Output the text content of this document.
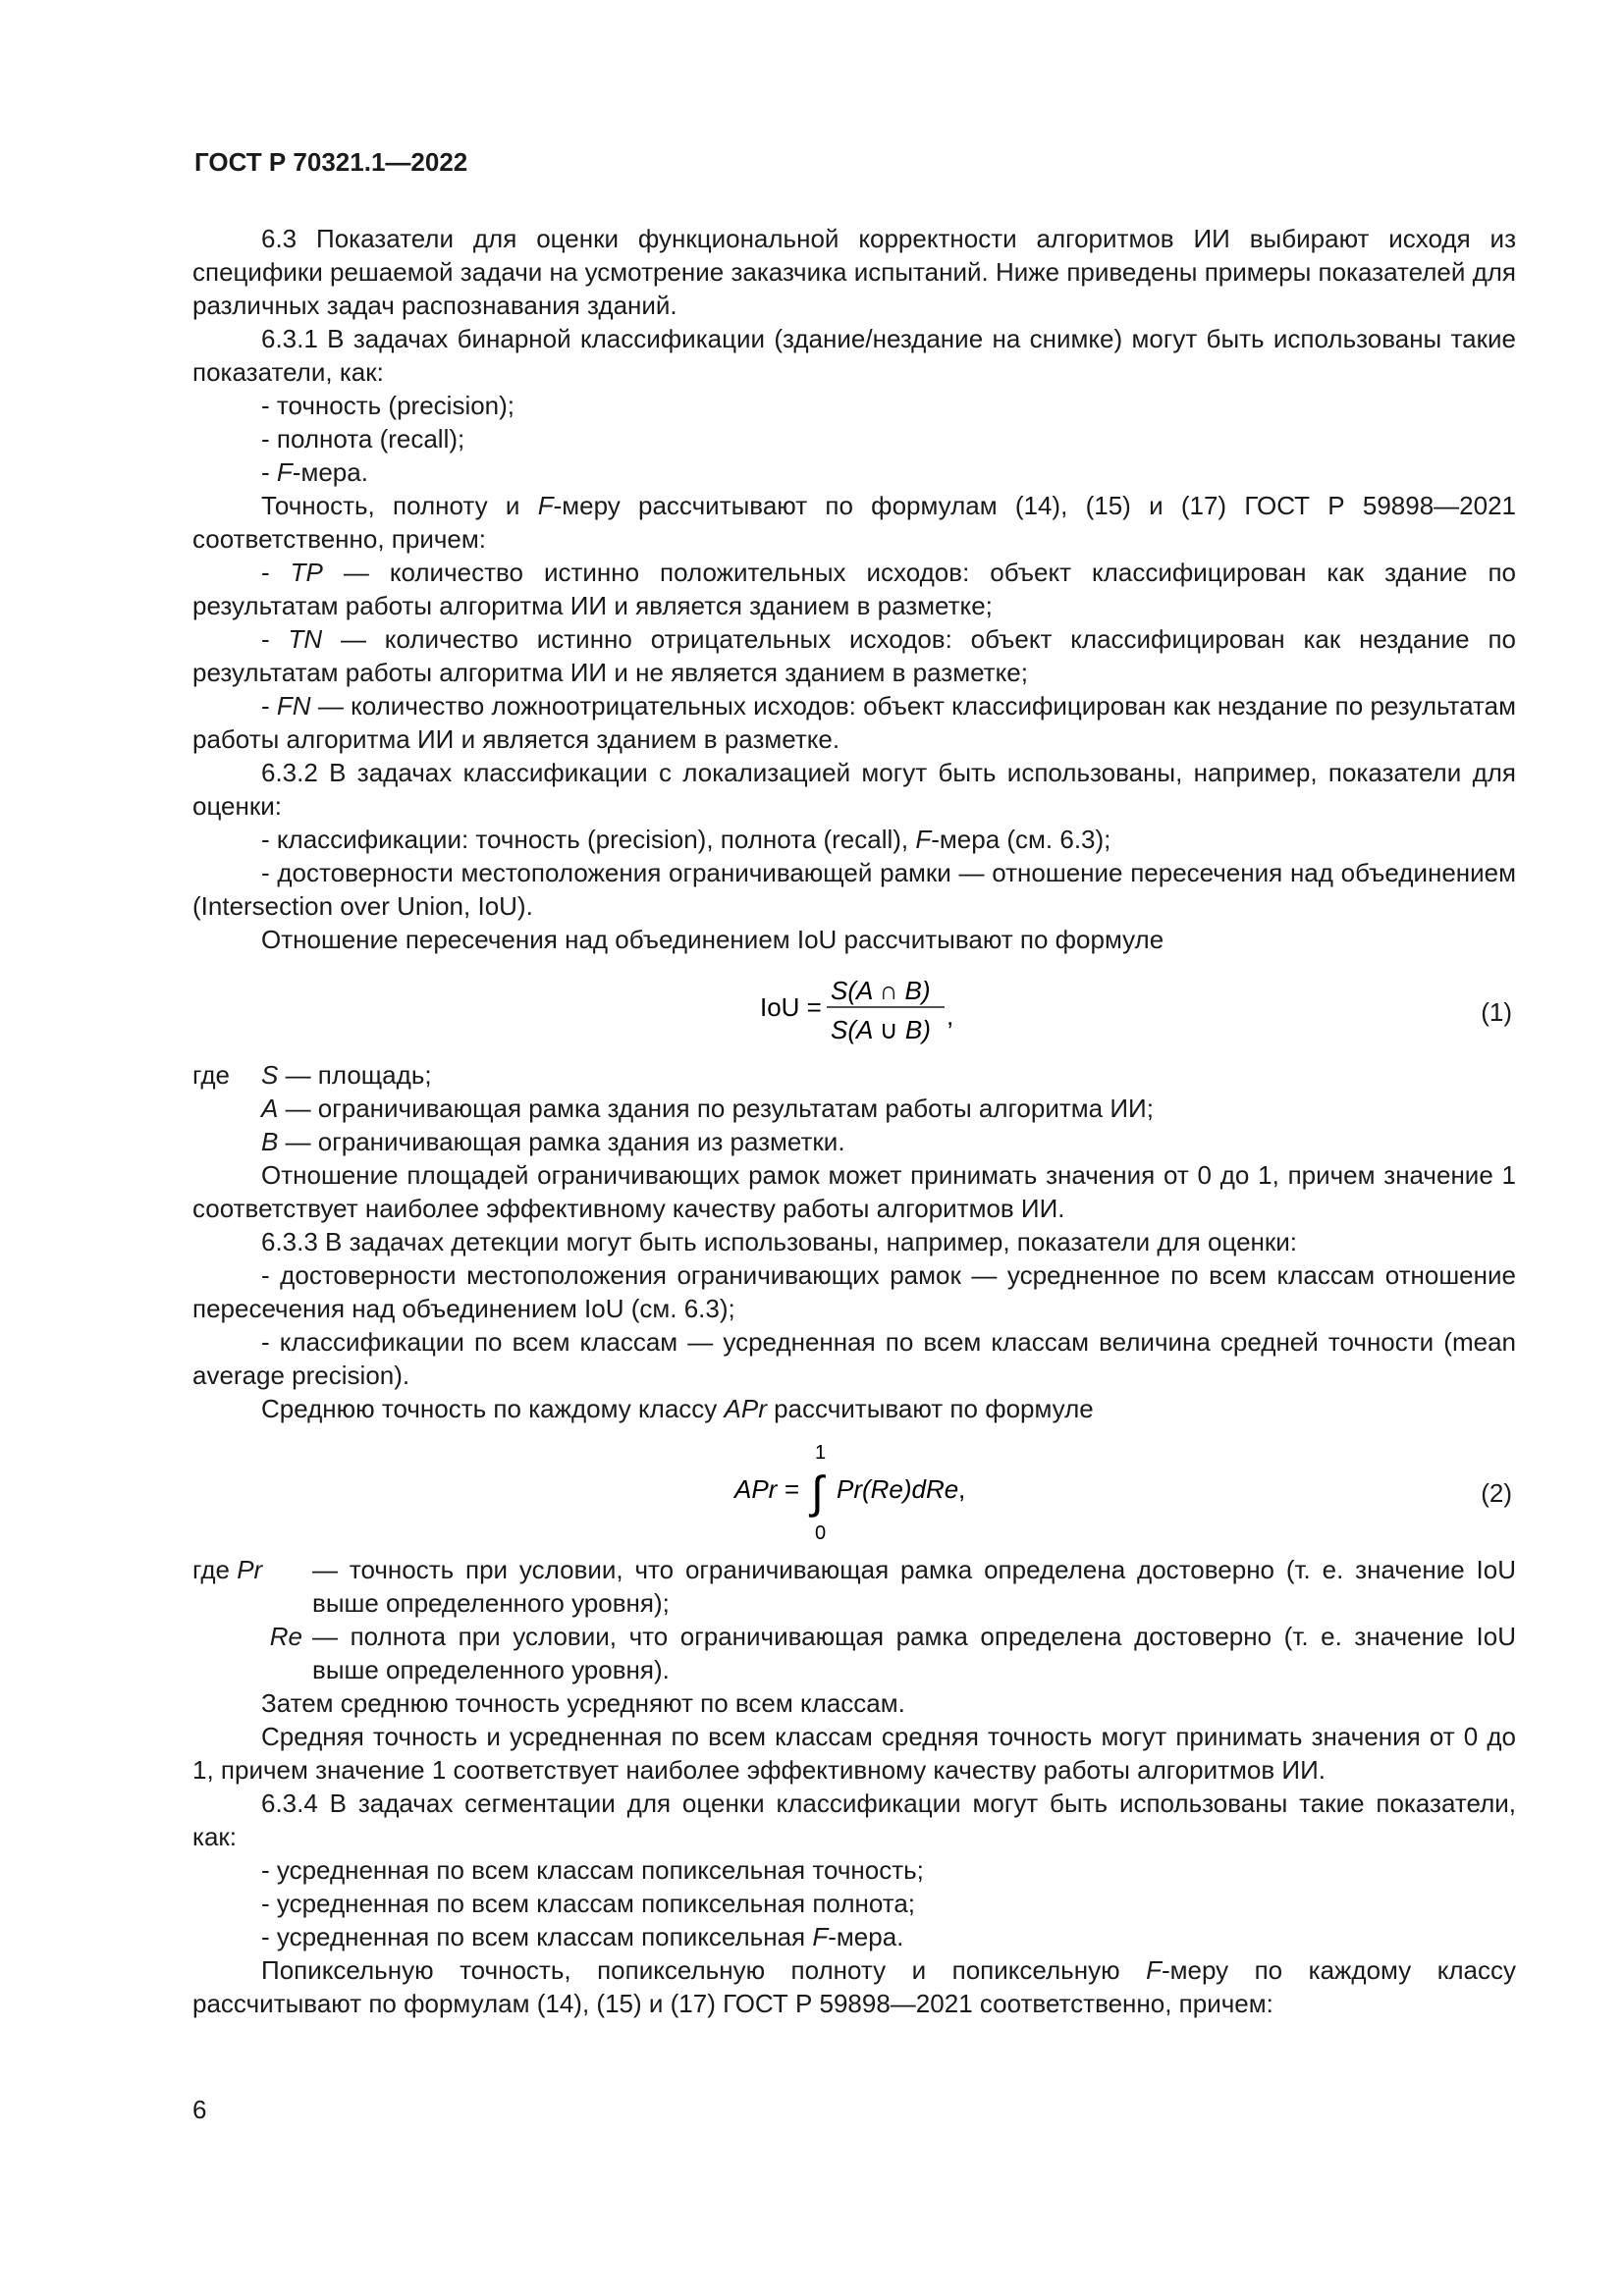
ГОСТ Р 70321.1—2022

6.3 Показатели для оценки функциональной корректности алгоритмов ИИ выбирают исходя из специфики решаемой задачи на усмотрение заказчика испытаний. Ниже приведены примеры показателей для различных задач распознавания зданий.

6.3.1 В задачах бинарной классификации (здание/нездание на снимке) могут быть использованы такие показатели, как:

- точность (precision);

- полнота (recall);

- F-мера.

Точность, полноту и F-меру рассчитывают по формулам (14), (15) и (17) ГОСТ Р 59898—2021 соответственно, причем:

- TP — количество истинно положительных исходов: объект классифицирован как здание по результатам работы алгоритма ИИ и является зданием в разметке;

- TN — количество истинно отрицательных исходов: объект классифицирован как нездание по результатам работы алгоритма ИИ и не является зданием в разметке;

- FN — количество ложноотрицательных исходов: объект классифицирован как нездание по результатам работы алгоритма ИИ и является зданием в разметке.

6.3.2 В задачах классификации с локализацией могут быть использованы, например, показатели для оценки:

- классификации: точность (precision), полнота (recall), F-мера (см. 6.3);

- достоверности местоположения ограничивающей рамки — отношение пересечения над объединением (Intersection over Union, IoU).

Отношение пересечения над объединением IoU рассчитывают по формуле

IoU =
S(A ∩ B)
S(A ∪ B) ,	(1)
где	S — площадь;

A — ограничивающая рамка здания по результатам работы алгоритма ИИ;

B — ограничивающая рамка здания из разметки.

Отношение площадей ограничивающих рамок может принимать значения от 0 до 1, причем значение 1 соответствует наиболее эффективному качеству работы алгоритмов ИИ.

6.3.3 В задачах детекции могут быть использованы, например, показатели для оценки:

- достоверности местоположения ограничивающих рамок — усредненное по всем классам отношение пересечения над объединением IoU (см. 6.3);

- классификации по всем классам — усредненная по всем классам величина средней точности (mean average precision).

Среднюю точность по каждому классу APr рассчитывают по формуле

APr =
1
∫
0
Pr(Re)dRe ,	(2)
где Pr	— точность при условии, что ограничивающая рамка определена достоверно (т. е. значение IoU выше определенного уровня);
Re — полнота при условии, что ограничивающая рамка определена достоверно (т. е. значение IoU выше определенного уровня).

Затем среднюю точность усредняют по всем классам.

Средняя точность и усредненная по всем классам средняя точность могут принимать значения от 0 до 1, причем значение 1 соответствует наиболее эффективному качеству работы алгоритмов ИИ.

6.3.4 В задачах сегментации для оценки классификации могут быть использованы такие показатели, как:

- усредненная по всем классам попиксельная точность;

- усредненная по всем классам попиксельная полнота;

- усредненная по всем классам попиксельная F-мера.

Попиксельную точность, попиксельную полноту и попиксельную F-меру по каждому классу рассчитывают по формулам (14), (15) и (17) ГОСТ Р 59898—2021 соответственно, причем:

6
